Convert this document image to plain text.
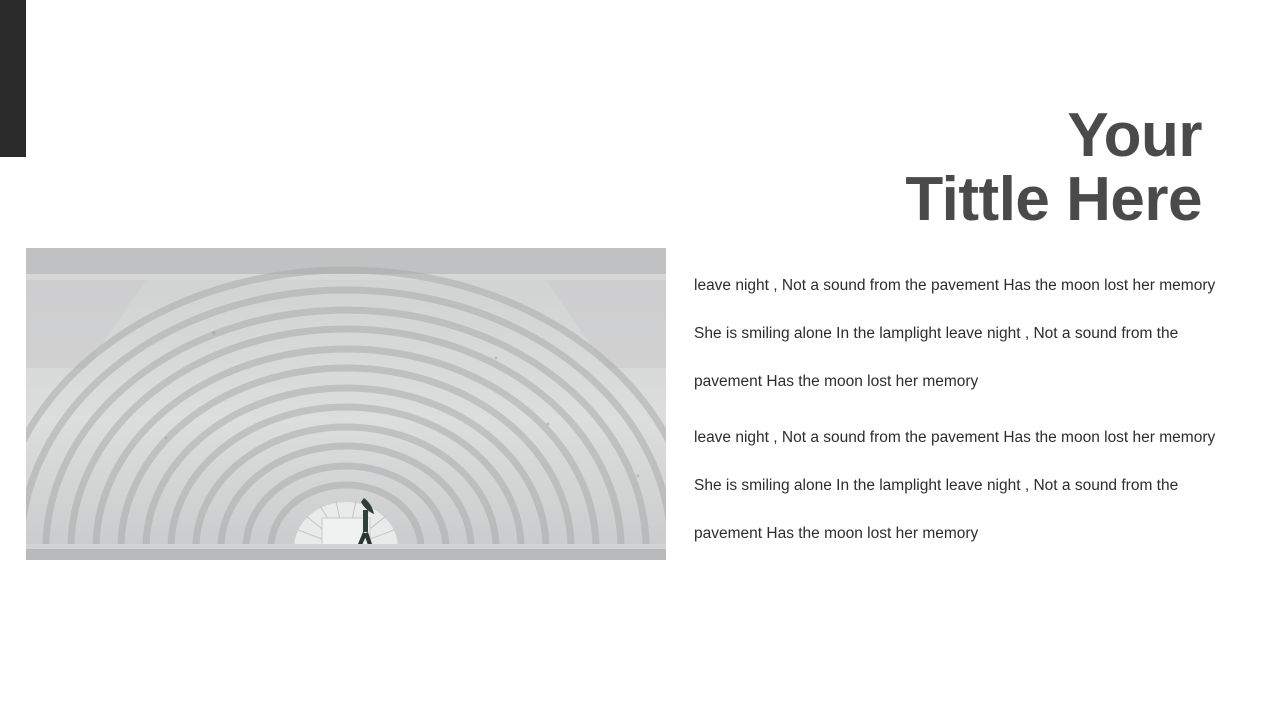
Your
Tittle Here

leave night , Not a sound from the pavement Has the moon lost her memory She is smiling alone In the lamplight leave night , Not a sound from the pavement Has the moon lost her memory

leave night , Not a sound from the pavement Has the moon lost her memory She is smiling alone In the lamplight leave night , Not a sound from the pavement Has the moon lost her memory
